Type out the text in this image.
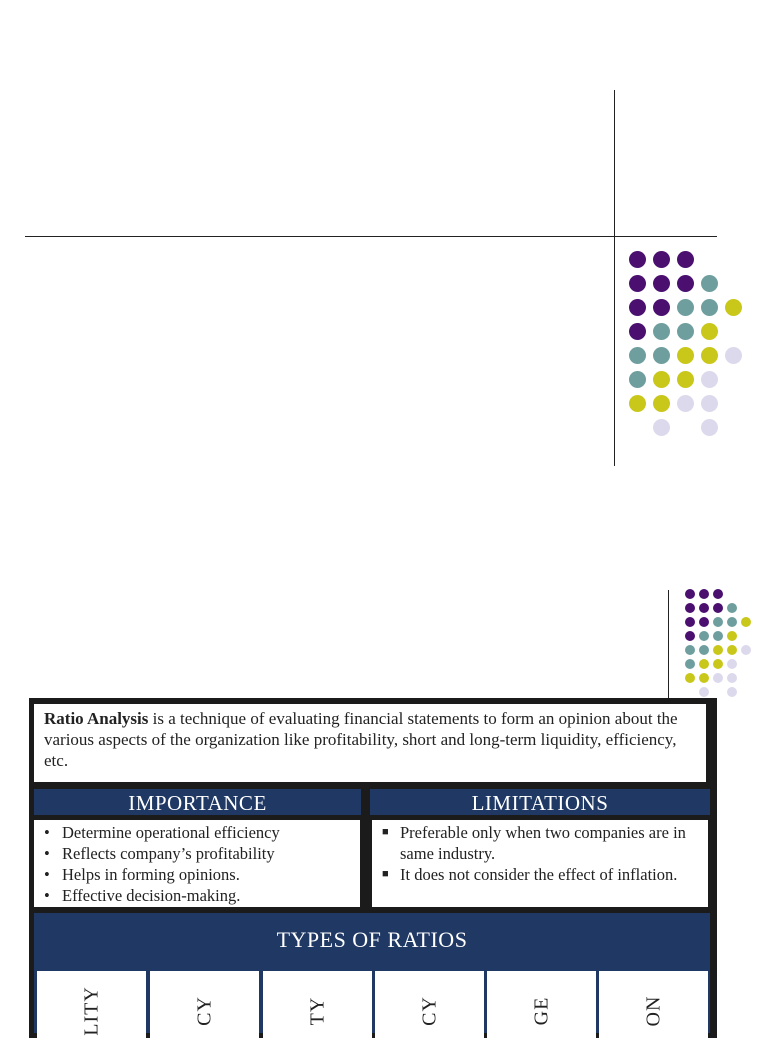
Ratio Analysis is a technique of evaluating financial statements to form an opinion about the various aspects of the organization like profitability, short and long-term liquidity, efficiency, etc.
IMPORTANCE	LIMITATIONS
• Determine operational efficiency
• Reflects company’s profitability
• Helps in forming opinions.
• Effective decision-making.
■ Preferable only when two companies are in same industry.
■ It does not consider the effect of inflation.
TYPES OF RATIOS
LITY	CY	TY	CY	GE	ON
